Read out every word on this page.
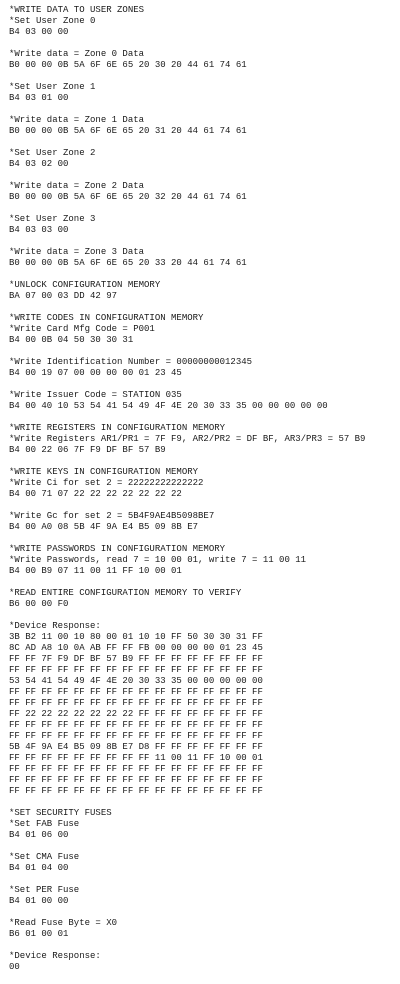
*WRITE DATA TO USER ZONES
*Set User Zone 0
B4 03 00 00
*Write data = Zone 0 Data
B0 00 00 0B 5A 6F 6E 65 20 30 20 44 61 74 61
*Set User Zone 1
B4 03 01 00
*Write data = Zone 1 Data
B0 00 00 0B 5A 6F 6E 65 20 31 20 44 61 74 61
*Set User Zone 2
B4 03 02 00
*Write data = Zone 2 Data
B0 00 00 0B 5A 6F 6E 65 20 32 20 44 61 74 61
*Set User Zone 3
B4 03 03 00
*Write data = Zone 3 Data
B0 00 00 0B 5A 6F 6E 65 20 33 20 44 61 74 61
*UNLOCK CONFIGURATION MEMORY
BA 07 00 03 DD 42 97
*WRITE CODES IN CONFIGURATION MEMORY
*Write Card Mfg Code = P001
B4 00 0B 04 50 30 30 31
*Write Identification Number = 00000000012345
B4 00 19 07 00 00 00 00 01 23 45
*Write Issuer Code = STATION 035
B4 00 40 10 53 54 41 54 49 4F 4E 20 30 33 35 00 00 00 00 00
*WRITE REGISTERS IN CONFIGURATION MEMORY
*Write Registers AR1/PR1 = 7F F9, AR2/PR2 = DF BF, AR3/PR3 = 57 B9
B4 00 22 06 7F F9 DF BF 57 B9
*WRITE KEYS IN CONFIGURATION MEMORY
*Write Ci for set 2 = 22222222222222
B4 00 71 07 22 22 22 22 22 22 22
*Write Gc for set 2 = 5B4F9AE4B5098BE7
B4 00 A0 08 5B 4F 9A E4 B5 09 8B E7
*WRITE PASSWORDS IN CONFIGURATION MEMORY
*Write Passwords, read 7 = 10 00 01, write 7 = 11 00 11
B4 00 B9 07 11 00 11 FF 10 00 01
*READ ENTIRE CONFIGURATION MEMORY TO VERIFY
B6 00 00 F0
*Device Response:
3B B2 11 00 10 80 00 01 10 10 FF 50 30 30 31 FF
8C AD A8 10 0A AB FF FF FB 00 00 00 00 01 23 45
FF FF 7F F9 DF BF 57 B9 FF FF FF FF FF FF FF FF
FF FF FF FF FF FF FF FF FF FF FF FF FF FF FF FF
53 54 41 54 49 4F 4E 20 30 33 35 00 00 00 00 00
FF FF FF FF FF FF FF FF FF FF FF FF FF FF FF FF
FF FF FF FF FF FF FF FF FF FF FF FF FF FF FF FF
FF 22 22 22 22 22 22 22 FF FF FF FF FF FF FF FF
FF FF FF FF FF FF FF FF FF FF FF FF FF FF FF FF
FF FF FF FF FF FF FF FF FF FF FF FF FF FF FF FF
5B 4F 9A E4 B5 09 8B E7 D8 FF FF FF FF FF FF FF
FF FF FF FF FF FF FF FF FF 11 00 11 FF 10 00 01
FF FF FF FF FF FF FF FF FF FF FF FF FF FF FF FF
FF FF FF FF FF FF FF FF FF FF FF FF FF FF FF FF
FF FF FF FF FF FF FF FF FF FF FF FF FF FF FF FF
*SET SECURITY FUSES
*Set FAB Fuse
B4 01 06 00
*Set CMA Fuse
B4 01 04 00
*Set PER Fuse
B4 01 00 00
*Read Fuse Byte = X0
B6 01 00 01
*Device Response:
00
